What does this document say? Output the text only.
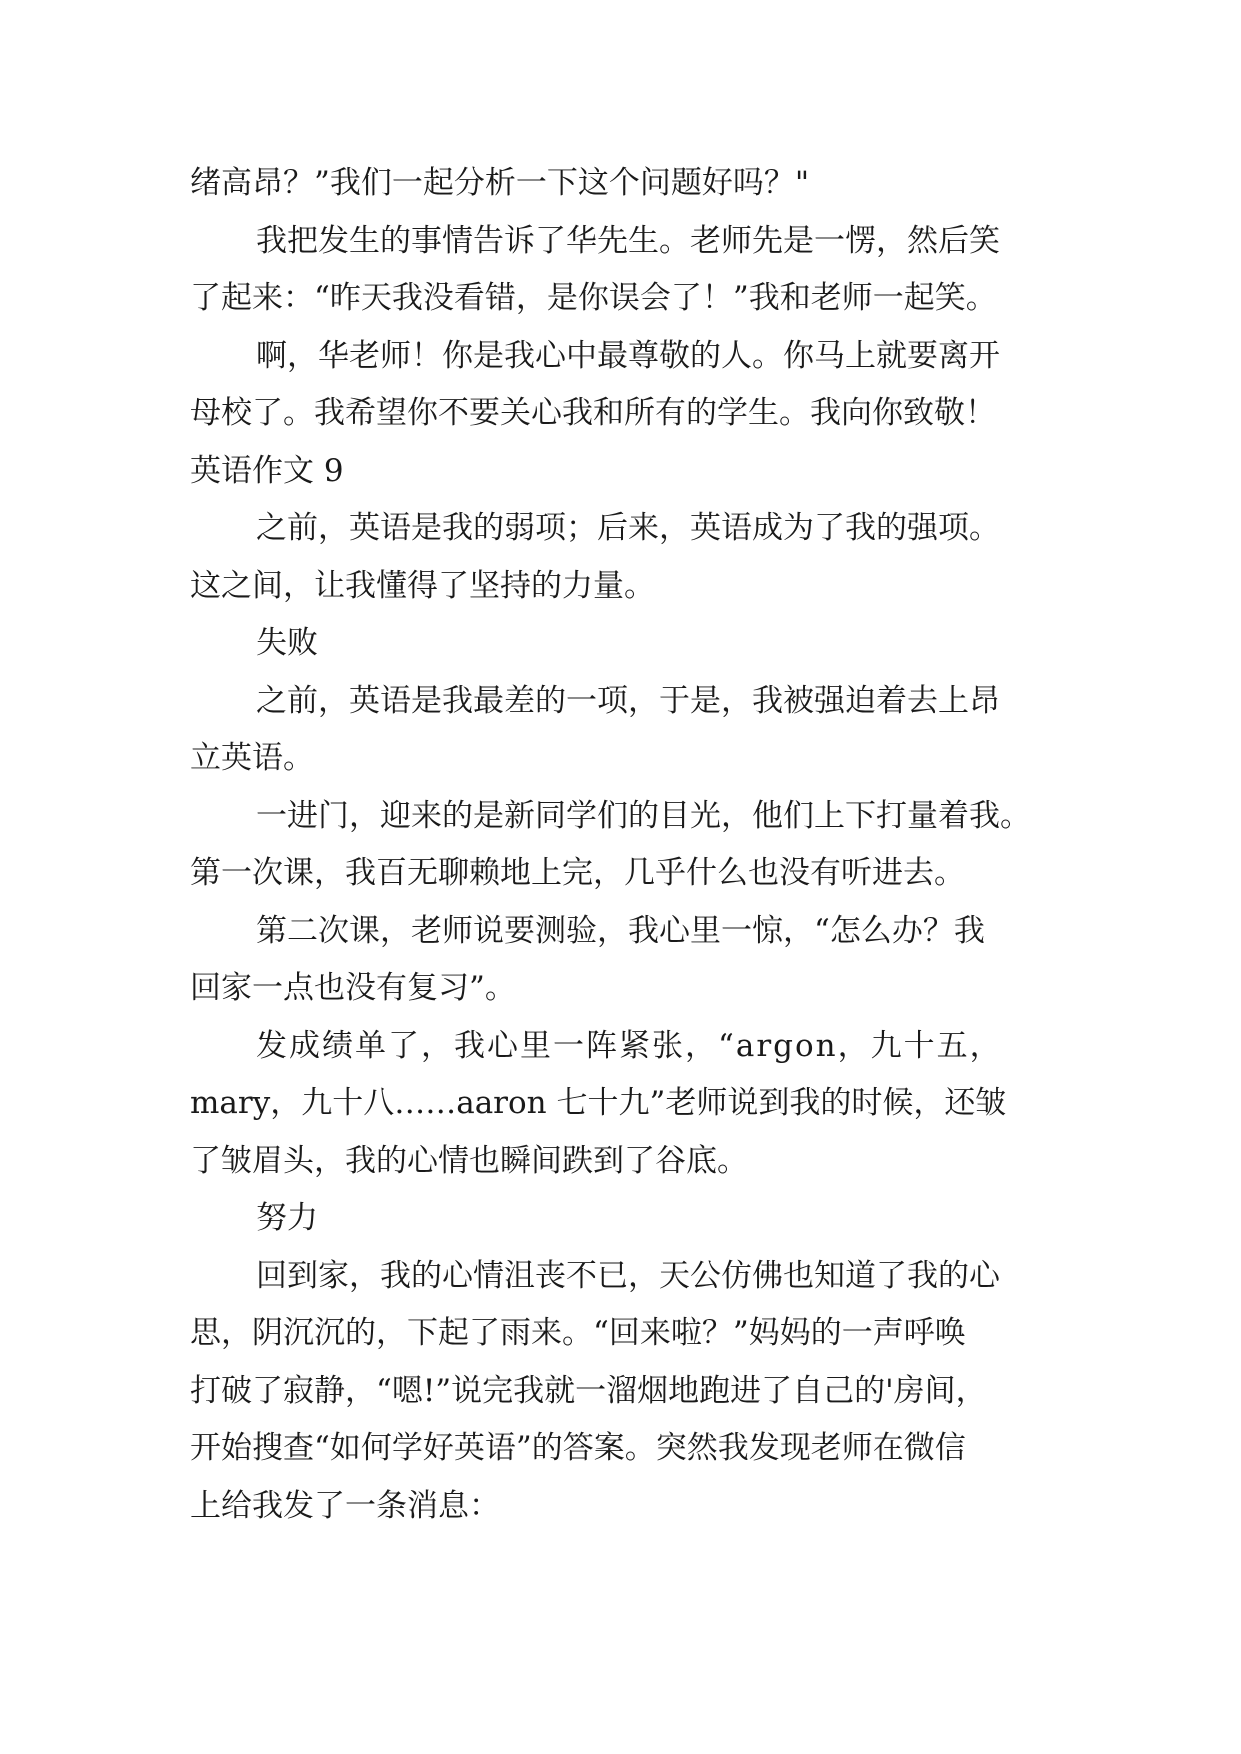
绪高昂？”我们一起分析一下这个问题好吗？"
我把发生的事情告诉了华先生。老师先是一愣，然后笑
了起来：“昨天我没看错，是你误会了！”我和老师一起笑。
啊，华老师！你是我心中最尊敬的人。你马上就要离开
母校了。我希望你不要关心我和所有的学生。我向你致敬！
英语作文 9
之前，英语是我的弱项；后来，英语成为了我的强项。
这之间，让我懂得了坚持的力量。
失败
之前，英语是我最差的一项，于是，我被强迫着去上昂
立英语。
一进门，迎来的是新同学们的目光，他们上下打量着我。
第一次课，我百无聊赖地上完，几乎什么也没有听进去。
第二次课，老师说要测验，我心里一惊，“怎么办？我
回家一点也没有复习”。
发成绩单了，我心里一阵紧张，“argon，九十五，
mary，九十八……aaron 七十九”老师说到我的时候，还皱
了皱眉头，我的心情也瞬间跌到了谷底。
努力
回到家，我的心情沮丧不已，天公仿佛也知道了我的心
思，阴沉沉的，下起了雨来。“回来啦？”妈妈的一声呼唤
打破了寂静，“嗯!”说完我就一溜烟地跑进了自己的'房间，
开始搜查“如何学好英语”的答案。突然我发现老师在微信
上给我发了一条消息：
